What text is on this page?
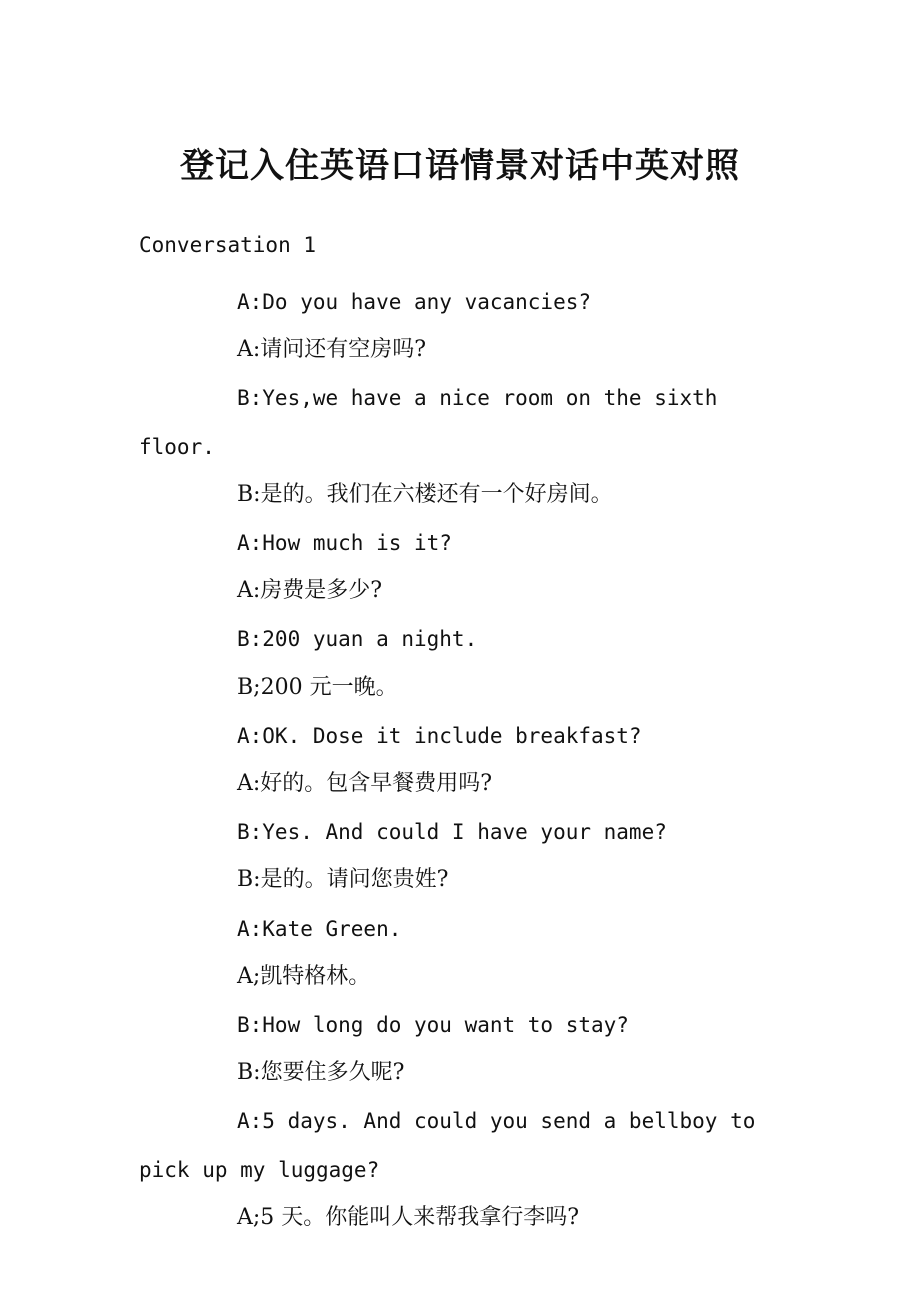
登记入住英语口语情景对话中英对照

Conversation 1

A:Do you have any vacancies?
A:请问还有空房吗?
B:Yes,we have a nice room on the sixth floor.
B:是的。我们在六楼还有一个好房间。
A:How much is it?
A:房费是多少?
B:200 yuan a night.
B;200 元一晚。
A:OK. Dose it include breakfast?
A:好的。包含早餐费用吗?
B:Yes. And could I have your name?
B:是的。请问您贵姓?
A:Kate Green.
A;凯特格林。
B:How long do you want to stay?
B:您要住多久呢?
A:5 days. And could you send a bellboy to pick up my luggage?
A;5 天。你能叫人来帮我拿行李吗?
